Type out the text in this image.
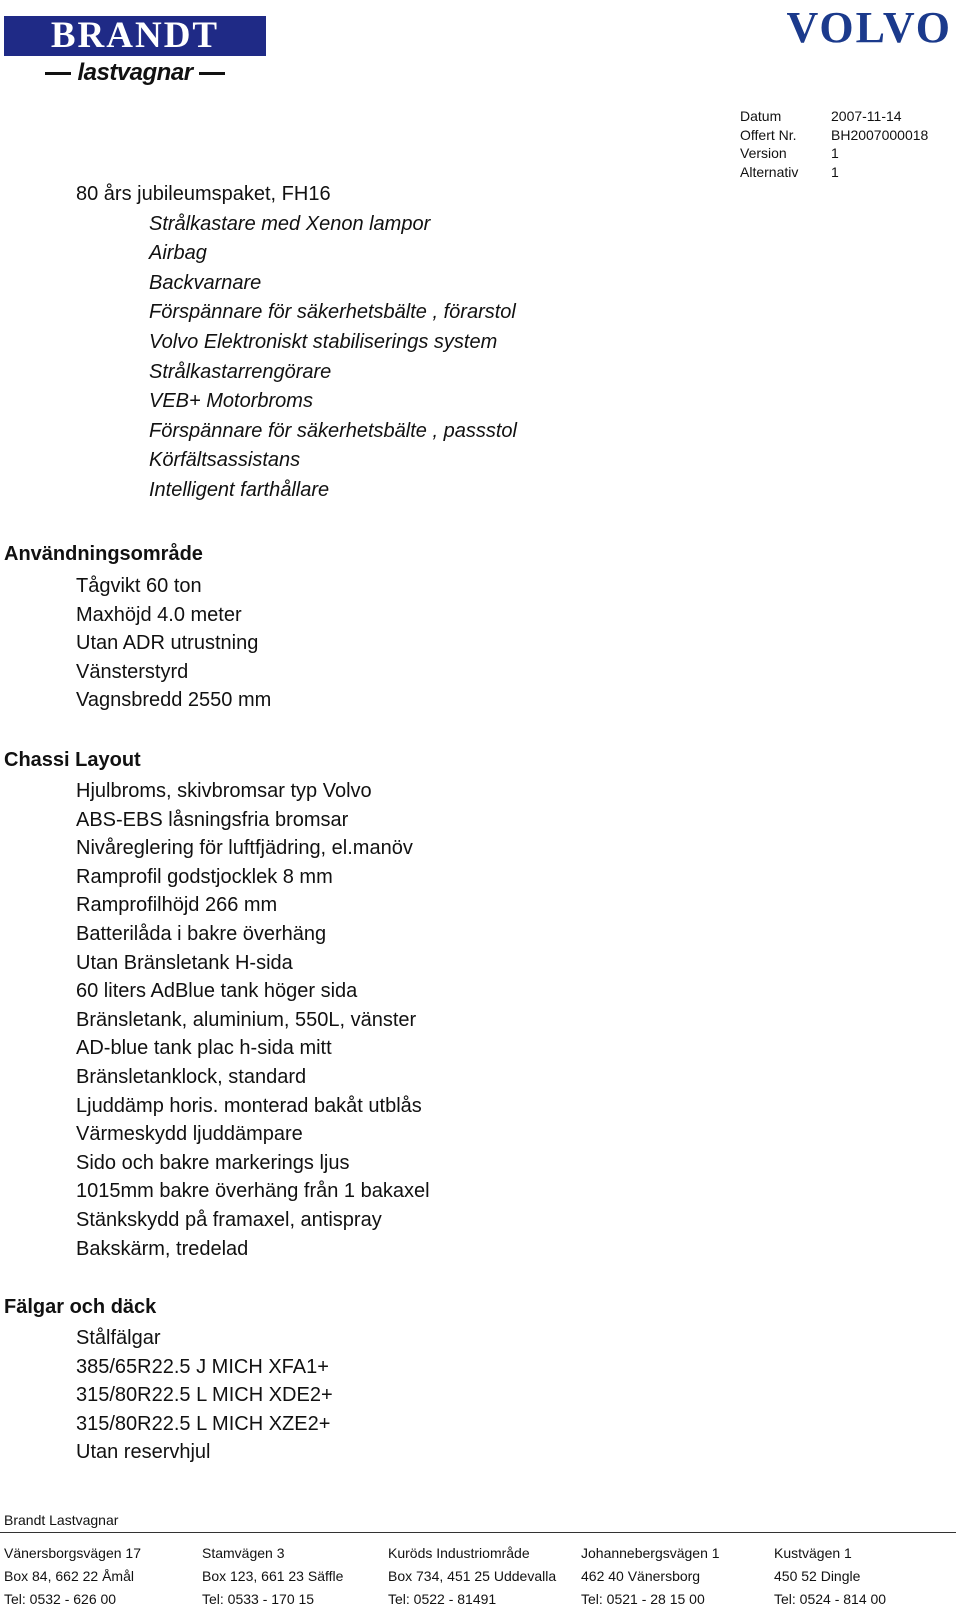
BRANDT
lastvagnar
VOLVO
Datum	2007-11-14
Offert Nr.	BH2007000018
Version	1
Alternativ	1
80 års jubileumspaket, FH16
Strålkastare med Xenon lampor
Airbag
Backvarnare
Förspännare för säkerhetsbälte , förarstol
Volvo Elektroniskt stabiliserings system
Strålkastarrengörare
VEB+ Motorbroms
Förspännare för säkerhetsbälte , passstol
Körfältsassistans
Intelligent farthållare
Användningsområde
Tågvikt 60 ton
Maxhöjd 4.0 meter
Utan ADR utrustning
Vänsterstyrd
Vagnsbredd 2550 mm
Chassi Layout
Hjulbroms, skivbromsar typ Volvo
ABS-EBS låsningsfria bromsar
Nivåreglering för luftfjädring, el.manöv
Ramprofil godstjocklek 8 mm
Ramprofilhöjd 266 mm
Batterilåda i bakre överhäng
Utan Bränsletank H-sida
60 liters AdBlue tank höger sida
Bränsletank, aluminium, 550L, vänster
AD-blue tank plac h-sida mitt
Bränsletanklock, standard
Ljuddämp horis. monterad bakåt utblås
Värmeskydd ljuddämpare
Sido och bakre markerings ljus
1015mm bakre överhäng från 1 bakaxel
Stänkskydd på framaxel, antispray
Bakskärm, tredelad
Fälgar och däck
Stålfälgar
385/65R22.5 J MICH XFA1+
315/80R22.5 L MICH XDE2+
315/80R22.5 L MICH XZE2+
Utan reservhjul
Brandt Lastvagnar
Vänersborgsvägen 17
Box 84, 662 22 Åmål
Tel: 0532 - 626 00
Stamvägen 3
Box 123, 661 23 Säffle
Tel: 0533 - 170 15
Kuröds Industriområde
Box 734, 451 25 Uddevalla
Tel: 0522 - 81491
Johannebergsvägen 1
462 40 Vänersborg
Tel: 0521 - 28 15 00
Kustvägen 1
450 52 Dingle
Tel: 0524 - 814 00
